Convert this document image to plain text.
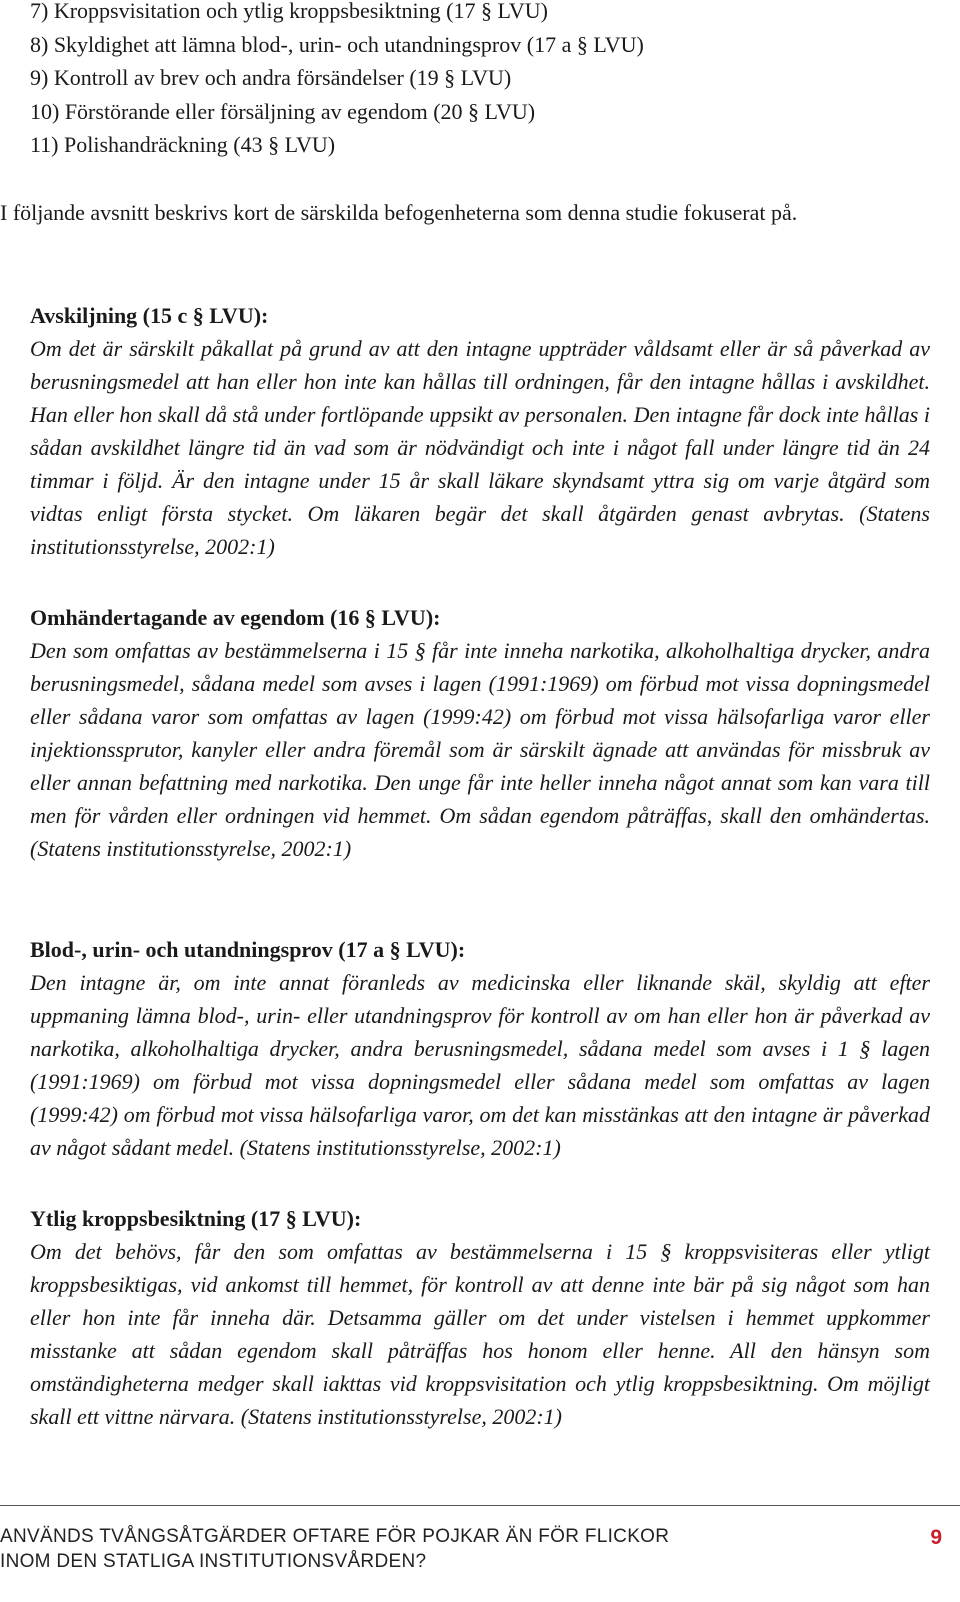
7) Kroppsvisitation och ytlig kroppsbesiktning (17 § LVU)
8) Skyldighet att lämna blod-, urin- och utandningsprov (17 a § LVU)
9) Kontroll av brev och andra försändelser (19 § LVU)
10) Förstörande eller försäljning av egendom (20 § LVU)
11) Polishandräckning (43 § LVU)

I följande avsnitt beskrivs kort de särskilda befogenheterna som denna studie fokuserat på.

Avskiljning (15 c § LVU):

Om det är särskilt påkallat på grund av att den intagne uppträder våldsamt eller är så påverkad av berusningsmedel att han eller hon inte kan hållas till ordningen, får den intagne hållas i avskildhet. Han eller hon skall då stå under fortlöpande uppsikt av personalen. Den intagne får dock inte hållas i sådan avskildhet längre tid än vad som är nödvändigt och inte i något fall under längre tid än 24 timmar i följd. Är den intagne under 15 år skall läkare skyndsamt yttra sig om varje åtgärd som vidtas enligt första stycket. Om läkaren begär det skall åtgärden genast avbrytas. (Statens institutionsstyrelse, 2002:1)

Omhändertagande av egendom (16 § LVU):

Den som omfattas av bestämmelserna i 15 § får inte inneha narkotika, alkoholhaltiga drycker, andra berusningsmedel, sådana medel som avses i lagen (1991:1969) om förbud mot vissa dopningsmedel eller sådana varor som omfattas av lagen (1999:42) om förbud mot vissa hälsofarliga varor eller injektionssprutor, kanyler eller andra föremål som är särskilt ägnade att användas för missbruk av eller annan befattning med narkotika. Den unge får inte heller inneha något annat som kan vara till men för vården eller ordningen vid hemmet. Om sådan egendom påträffas, skall den omhändertas. (Statens institutionsstyrelse, 2002:1)

Blod-, urin- och utandningsprov (17 a § LVU):

Den intagne är, om inte annat föranleds av medicinska eller liknande skäl, skyldig att efter uppmaning lämna blod-, urin- eller utandningsprov för kontroll av om han eller hon är påverkad av narkotika, alkoholhaltiga drycker, andra berusningsmedel, sådana medel som avses i 1 § lagen (1991:1969) om förbud mot vissa dopningsmedel eller sådana medel som omfattas av lagen (1999:42) om förbud mot vissa hälsofarliga varor, om det kan misstänkas att den intagne är påverkad av något sådant medel. (Statens institutionsstyrelse, 2002:1)

Ytlig kroppsbesiktning (17 § LVU):

Om det behövs, får den som omfattas av bestämmelserna i 15 § kroppsvisiteras eller ytligt kroppsbesiktigas, vid ankomst till hemmet, för kontroll av att denne inte bär på sig något som han eller hon inte får inneha där. Detsamma gäller om det under vistelsen i hemmet uppkommer misstanke att sådan egendom skall påträffas hos honom eller henne. All den hänsyn som omständigheterna medger skall iakttas vid kroppsvisitation och ytlig kroppsbesiktning. Om möjligt skall ett vittne närvara. (Statens institutionsstyrelse, 2002:1)

ANVÄNDS TVÅNGSÅTGÄRDER OFTARE FÖR POJKAR ÄN FÖR FLICKOR
INOM DEN STATLIGA INSTITUTIONSVÅRDEN?
9
